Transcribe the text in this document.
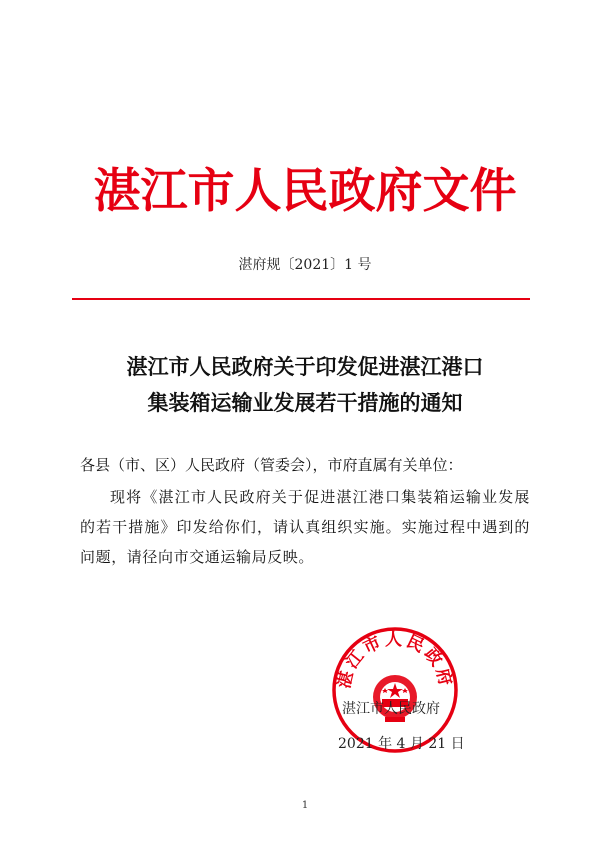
湛江市人民政府文件
湛府规〔2021〕1 号
湛江市人民政府关于印发促进湛江港口
集装箱运输业发展若干措施的通知
各县（市、区）人民政府（管委会），市府直属有关单位：
现将《湛江市人民政府关于促进湛江港口集装箱运输业发展的若干措施》印发给你们，请认真组织实施。实施过程中遇到的问题，请径向市交通运输局反映。
湛江市人民政府
湛江市人民政府
2021 年 4 月 21 日
1
